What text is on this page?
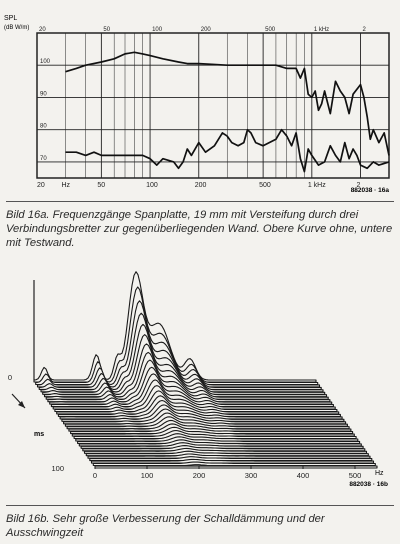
SPL
(dB W/m)
70
80
90
100
20	50	100	200	500	1 kHz	2
20 Hz	50	100	200	500	1 kHz	2
882038 · 16a
Bild 16a. Frequenzgänge Spanplatte, 19 mm mit Versteifung durch drei Verbindungsbretter zur gegenüberliegenden Wand. Obere Kurve ohne, untere mit Testwand.
0	100	200	300	400	500 Hz
882038 · 16b
0
100
ms
Bild 16b. Sehr große Verbesserung der Schalldämmung und der Ausschwingzeit
